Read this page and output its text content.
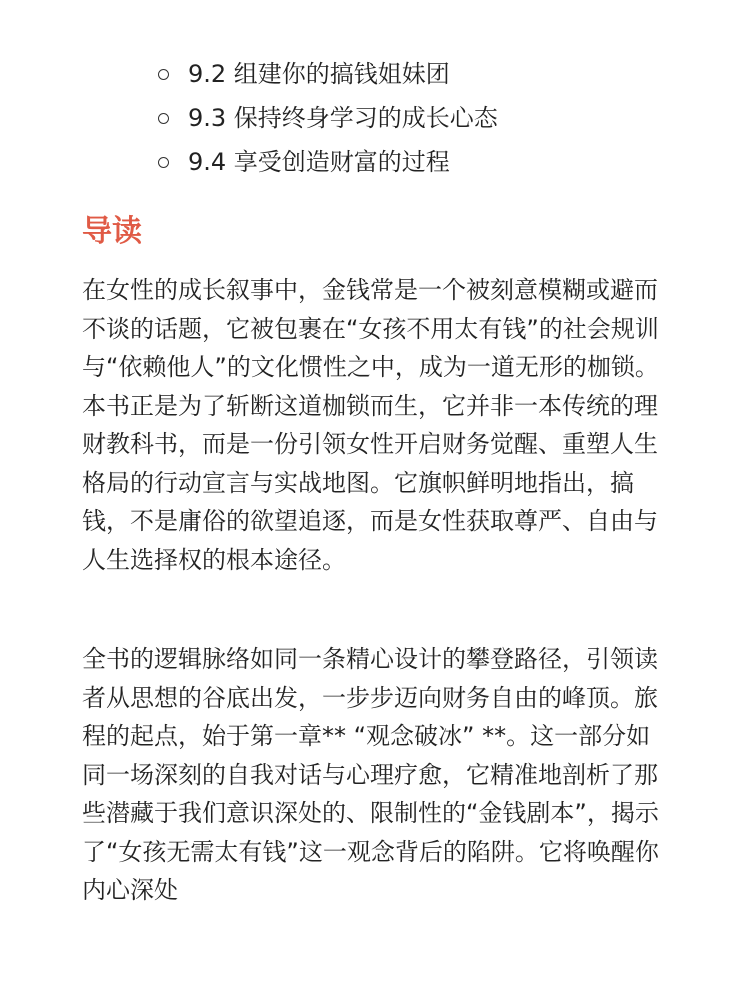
9.2 组建你的搞钱姐妹团
9.3 保持终身学习的成长心态
9.4 享受创造财富的过程
导读

在女性的成长叙事中，金钱常是一个被刻意模糊或避而不谈的话题，它被包裹在“女孩不用太有钱”的社会规训与“依赖他人”的文化惯性之中，成为一道无形的枷锁。本书正是为了斩断这道枷锁而生，它并非一本传统的理财教科书，而是一份引领女性开启财务觉醒、重塑人生格局的行动宣言与实战地图。它旗帜鲜明地指出，搞钱，不是庸俗的欲望追逐，而是女性获取尊严、自由与人生选择权的根本途径。

全书的逻辑脉络如同一条精心设计的攀登路径，引领读者从思想的谷底出发，一步步迈向财务自由的峰顶。旅程的起点，始于第一章** “观念破冰” **。这一部分如同一场深刻的自我对话与心理疗愈，它精准地剖析了那些潜藏于我们意识深处的、限制性的“金钱剧本”，揭示了“女孩无需太有钱”这一观念背后的陷阱。它将唤醒你内心深处
